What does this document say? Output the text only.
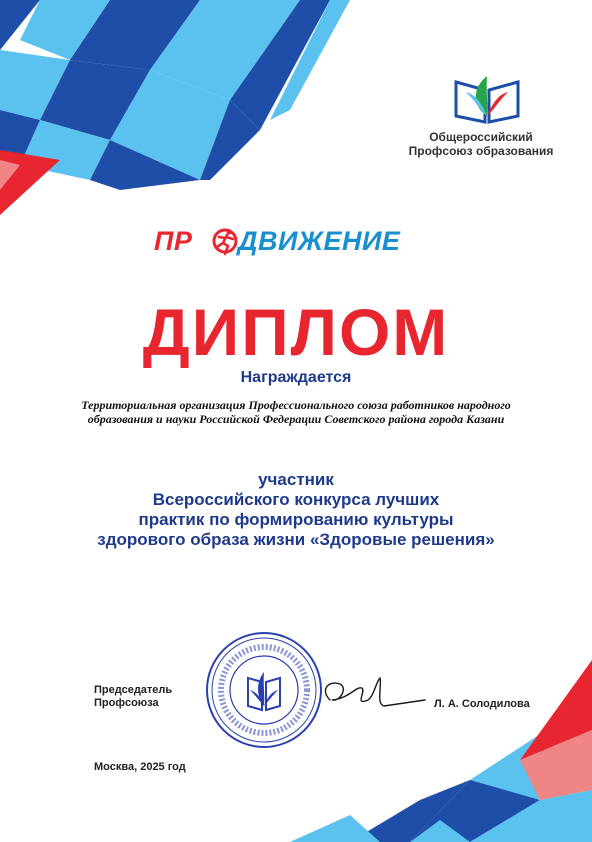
Общероссийский
Профсоюз образования
ПР ДВИЖЕНИЕ
ДИПЛОМ
Награждается
Территориальная организация Профессионального союза работников народного
образования и науки Российской Федерации Советского района города Казани
участник
Всероссийского конкурса лучших
практик по формированию культуры
здорового образа жизни «Здоровые решения»
Председатель
Профсоюза	Л. А. Солодилова
Москва, 2025 год
